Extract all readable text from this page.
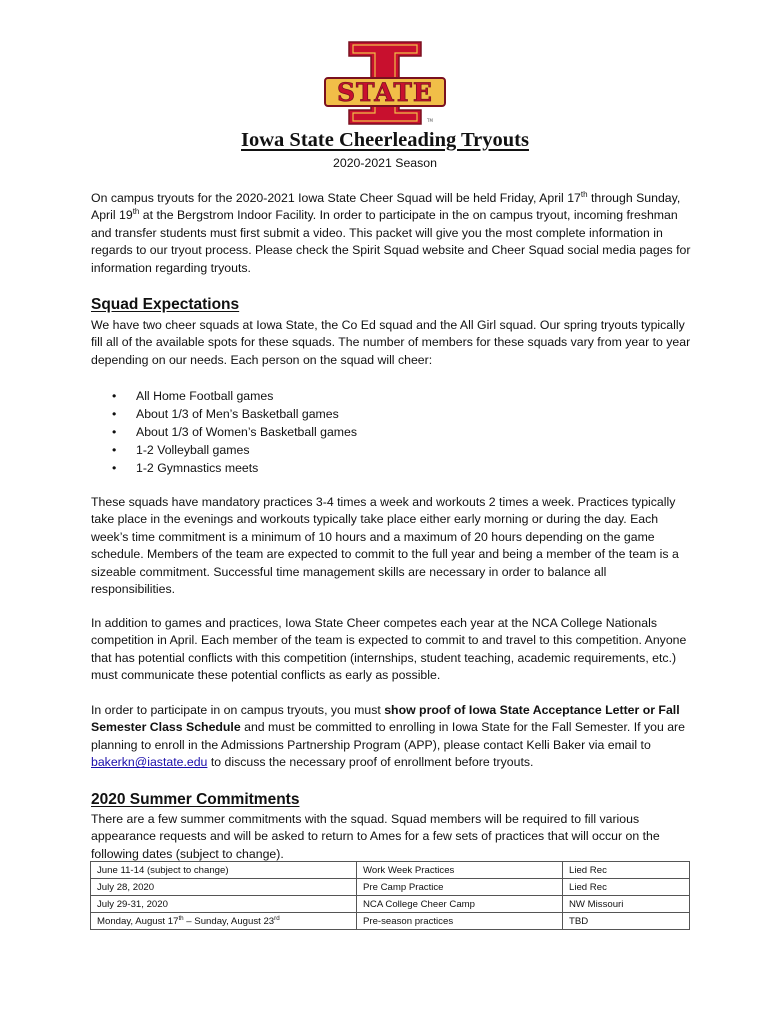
STATE
TM
Iowa State Cheerleading Tryouts
2020-2021 Season

On campus tryouts for the 2020-2021 Iowa State Cheer Squad will be held Friday, April 17th through Sunday, April 19th at the Bergstrom Indoor Facility. In order to participate in the on campus tryout, incoming freshman and transfer students must first submit a video. This packet will give you the most complete information in regards to our tryout process. Please check the Spirit Squad website and Cheer Squad social media pages for information regarding tryouts.

Squad Expectations

We have two cheer squads at Iowa State, the Co Ed squad and the All Girl squad. Our spring tryouts typically fill all of the available spots for these squads. The number of members for these squads vary from year to year depending on our needs. Each person on the squad will cheer:

• All Home Football games
• About 1/3 of Men’s Basketball games
• About 1/3 of Women’s Basketball games
• 1-2 Volleyball games
• 1-2 Gymnastics meets

These squads have mandatory practices 3-4 times a week and workouts 2 times a week. Practices typically take place in the evenings and workouts typically take place either early morning or during the day. Each week’s time commitment is a minimum of 10 hours and a maximum of 20 hours depending on the game schedule. Members of the team are expected to commit to the full year and being a member of the team is a sizeable commitment. Successful time management skills are necessary in order to balance all responsibilities.

In addition to games and practices, Iowa State Cheer competes each year at the NCA College Nationals competition in April. Each member of the team is expected to commit to and travel to this competition. Anyone that has potential conflicts with this competition (internships, student teaching, academic requirements, etc.) must communicate these potential conflicts as early as possible.

In order to participate in on campus tryouts, you must show proof of Iowa State Acceptance Letter or Fall Semester Class Schedule and must be committed to enrolling in Iowa State for the Fall Semester. If you are planning to enroll in the Admissions Partnership Program (APP), please contact Kelli Baker via email to bakerkn@iastate.edu to discuss the necessary proof of enrollment before tryouts.

2020 Summer Commitments

There are a few summer commitments with the squad. Squad members will be required to fill various appearance requests and will be asked to return to Ames for a few sets of practices that will occur on the following dates (subject to change).

June 11-14 (subject to change)	Work Week Practices	Lied Rec
July 28, 2020	Pre Camp Practice	Lied Rec
July 29-31, 2020	NCA College Cheer Camp	NW Missouri
Monday, August 17th – Sunday, August 23rd	Pre-season practices	TBD
